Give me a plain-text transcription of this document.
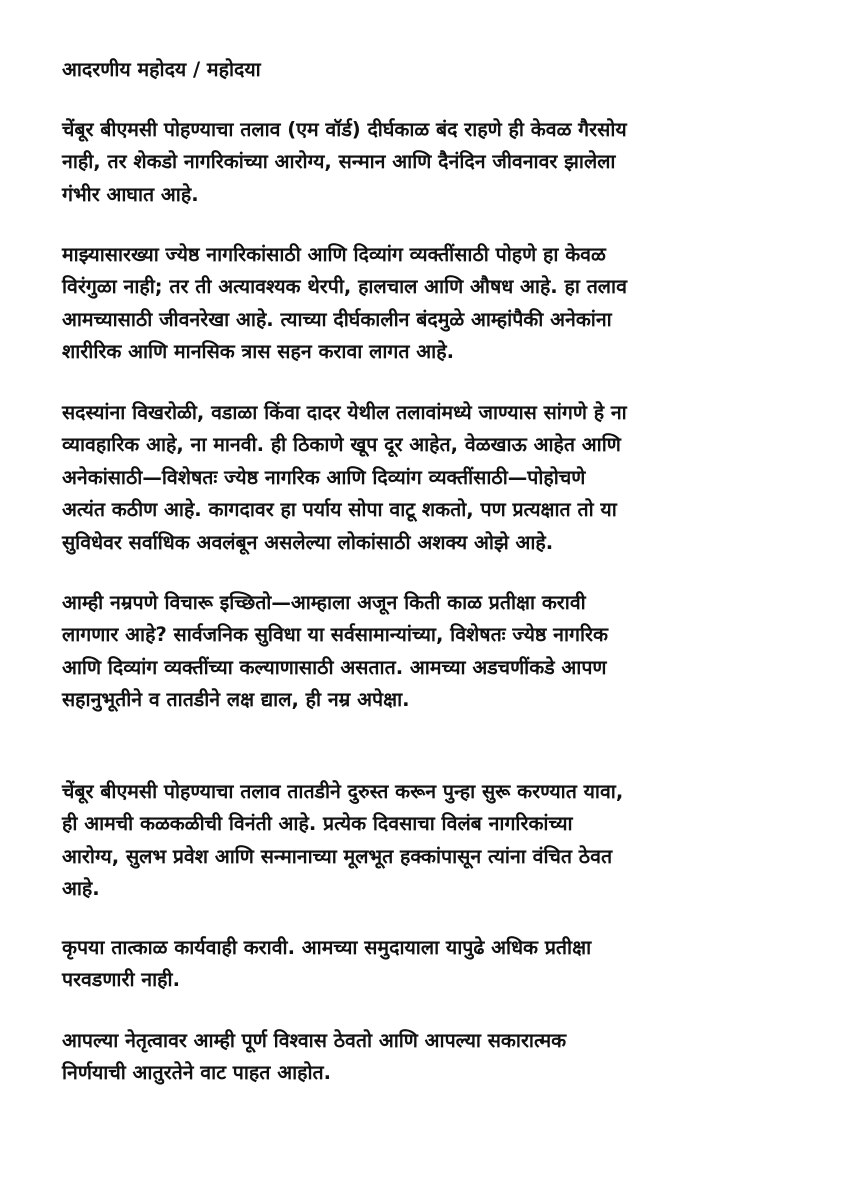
आदरणीय महोदय / महोदया

चेंबूर बीएमसी पोहण्याचा तलाव (एम वॉर्ड) दीर्घकाळ बंद राहणे ही केवळ गैरसोय
नाही, तर शेकडो नागरिकांच्या आरोग्य, सन्मान आणि दैनंदिन जीवनावर झालेला
गंभीर आघात आहे.

माझ्यासारख्या ज्येष्ठ नागरिकांसाठी आणि दिव्यांग व्यक्तींसाठी पोहणे हा केवळ
विरंगुळा नाही; तर ती अत्यावश्यक थेरपी, हालचाल आणि औषध आहे. हा तलाव
आमच्यासाठी जीवनरेखा आहे. त्याच्या दीर्घकालीन बंदमुळे आम्हांपैकी अनेकांना
शारीरिक आणि मानसिक त्रास सहन करावा लागत आहे.

सदस्यांना विखरोळी, वडाळा किंवा दादर येथील तलावांमध्ये जाण्यास सांगणे हे ना
व्यावहारिक आहे, ना मानवी. ही ठिकाणे खूप दूर आहेत, वेळखाऊ आहेत आणि
अनेकांसाठी—विशेषतः ज्येष्ठ नागरिक आणि दिव्यांग व्यक्तींसाठी—पोहोचणे
अत्यंत कठीण आहे. कागदावर हा पर्याय सोपा वाटू शकतो, पण प्रत्यक्षात तो या
सुविधेवर सर्वाधिक अवलंबून असलेल्या लोकांसाठी अशक्य ओझे आहे.

आम्ही नम्रपणे विचारू इच्छितो—आम्हाला अजून किती काळ प्रतीक्षा करावी
लागणार आहे? सार्वजनिक सुविधा या सर्वसामान्यांच्या, विशेषतः ज्येष्ठ नागरिक
आणि दिव्यांग व्यक्तींच्या कल्याणासाठी असतात. आमच्या अडचणींकडे आपण
सहानुभूतीने व तातडीने लक्ष द्याल, ही नम्र अपेक्षा.

चेंबूर बीएमसी पोहण्याचा तलाव तातडीने दुरुस्त करून पुन्हा सुरू करण्यात यावा,
ही आमची कळकळीची विनंती आहे. प्रत्येक दिवसाचा विलंब नागरिकांच्या
आरोग्य, सुलभ प्रवेश आणि सन्मानाच्या मूलभूत हक्कांपासून त्यांना वंचित ठेवत
आहे.

कृपया तात्काळ कार्यवाही करावी. आमच्या समुदायाला यापुढे अधिक प्रतीक्षा
परवडणारी नाही.

आपल्या नेतृत्वावर आम्ही पूर्ण विश्वास ठेवतो आणि आपल्या सकारात्मक
निर्णयाची आतुरतेने वाट पाहत आहोत.
